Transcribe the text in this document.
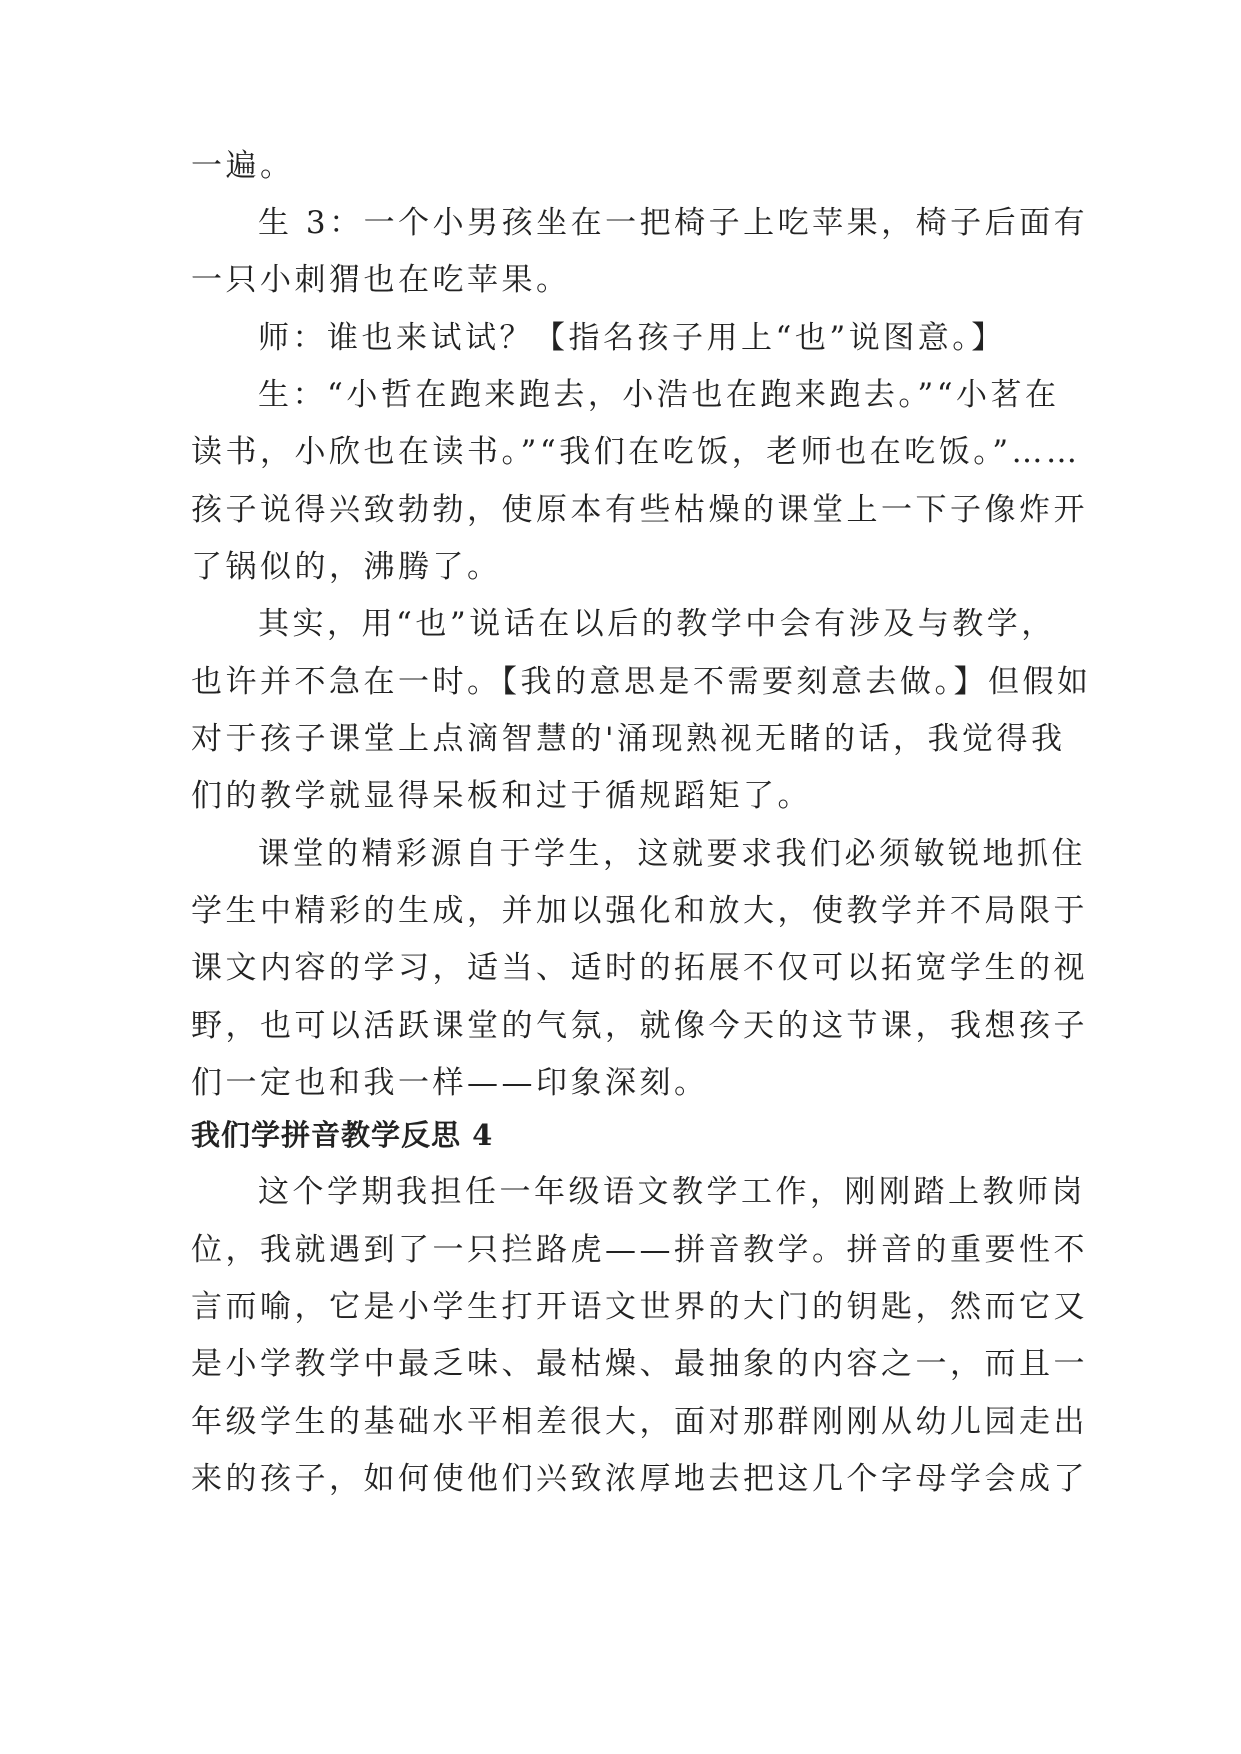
一遍。

生 3：一个小男孩坐在一把椅子上吃苹果，椅子后面有

一只小刺猬也在吃苹果。

师：谁也来试试？【指名孩子用上“也”说图意。】

生：“小哲在跑来跑去，小浩也在跑来跑去。”“小茗在

读书，小欣也在读书。”“我们在吃饭，老师也在吃饭。”……

孩子说得兴致勃勃，使原本有些枯燥的课堂上一下子像炸开

了锅似的，沸腾了。

其实，用“也”说话在以后的教学中会有涉及与教学，

也许并不急在一时。【我的意思是不需要刻意去做。】但假如

对于孩子课堂上点滴智慧的'涌现熟视无睹的话，我觉得我

们的教学就显得呆板和过于循规蹈矩了。

课堂的精彩源自于学生，这就要求我们必须敏锐地抓住

学生中精彩的生成，并加以强化和放大，使教学并不局限于

课文内容的学习，适当、适时的拓展不仅可以拓宽学生的视

野，也可以活跃课堂的气氛，就像今天的这节课，我想孩子

们一定也和我一样——印象深刻。

我们学拼音教学反思 4

这个学期我担任一年级语文教学工作，刚刚踏上教师岗

位，我就遇到了一只拦路虎——拼音教学。拼音的重要性不

言而喻，它是小学生打开语文世界的大门的钥匙，然而它又

是小学教学中最乏味、最枯燥、最抽象的内容之一，而且一

年级学生的基础水平相差很大，面对那群刚刚从幼儿园走出

来的孩子，如何使他们兴致浓厚地去把这几个字母学会成了
